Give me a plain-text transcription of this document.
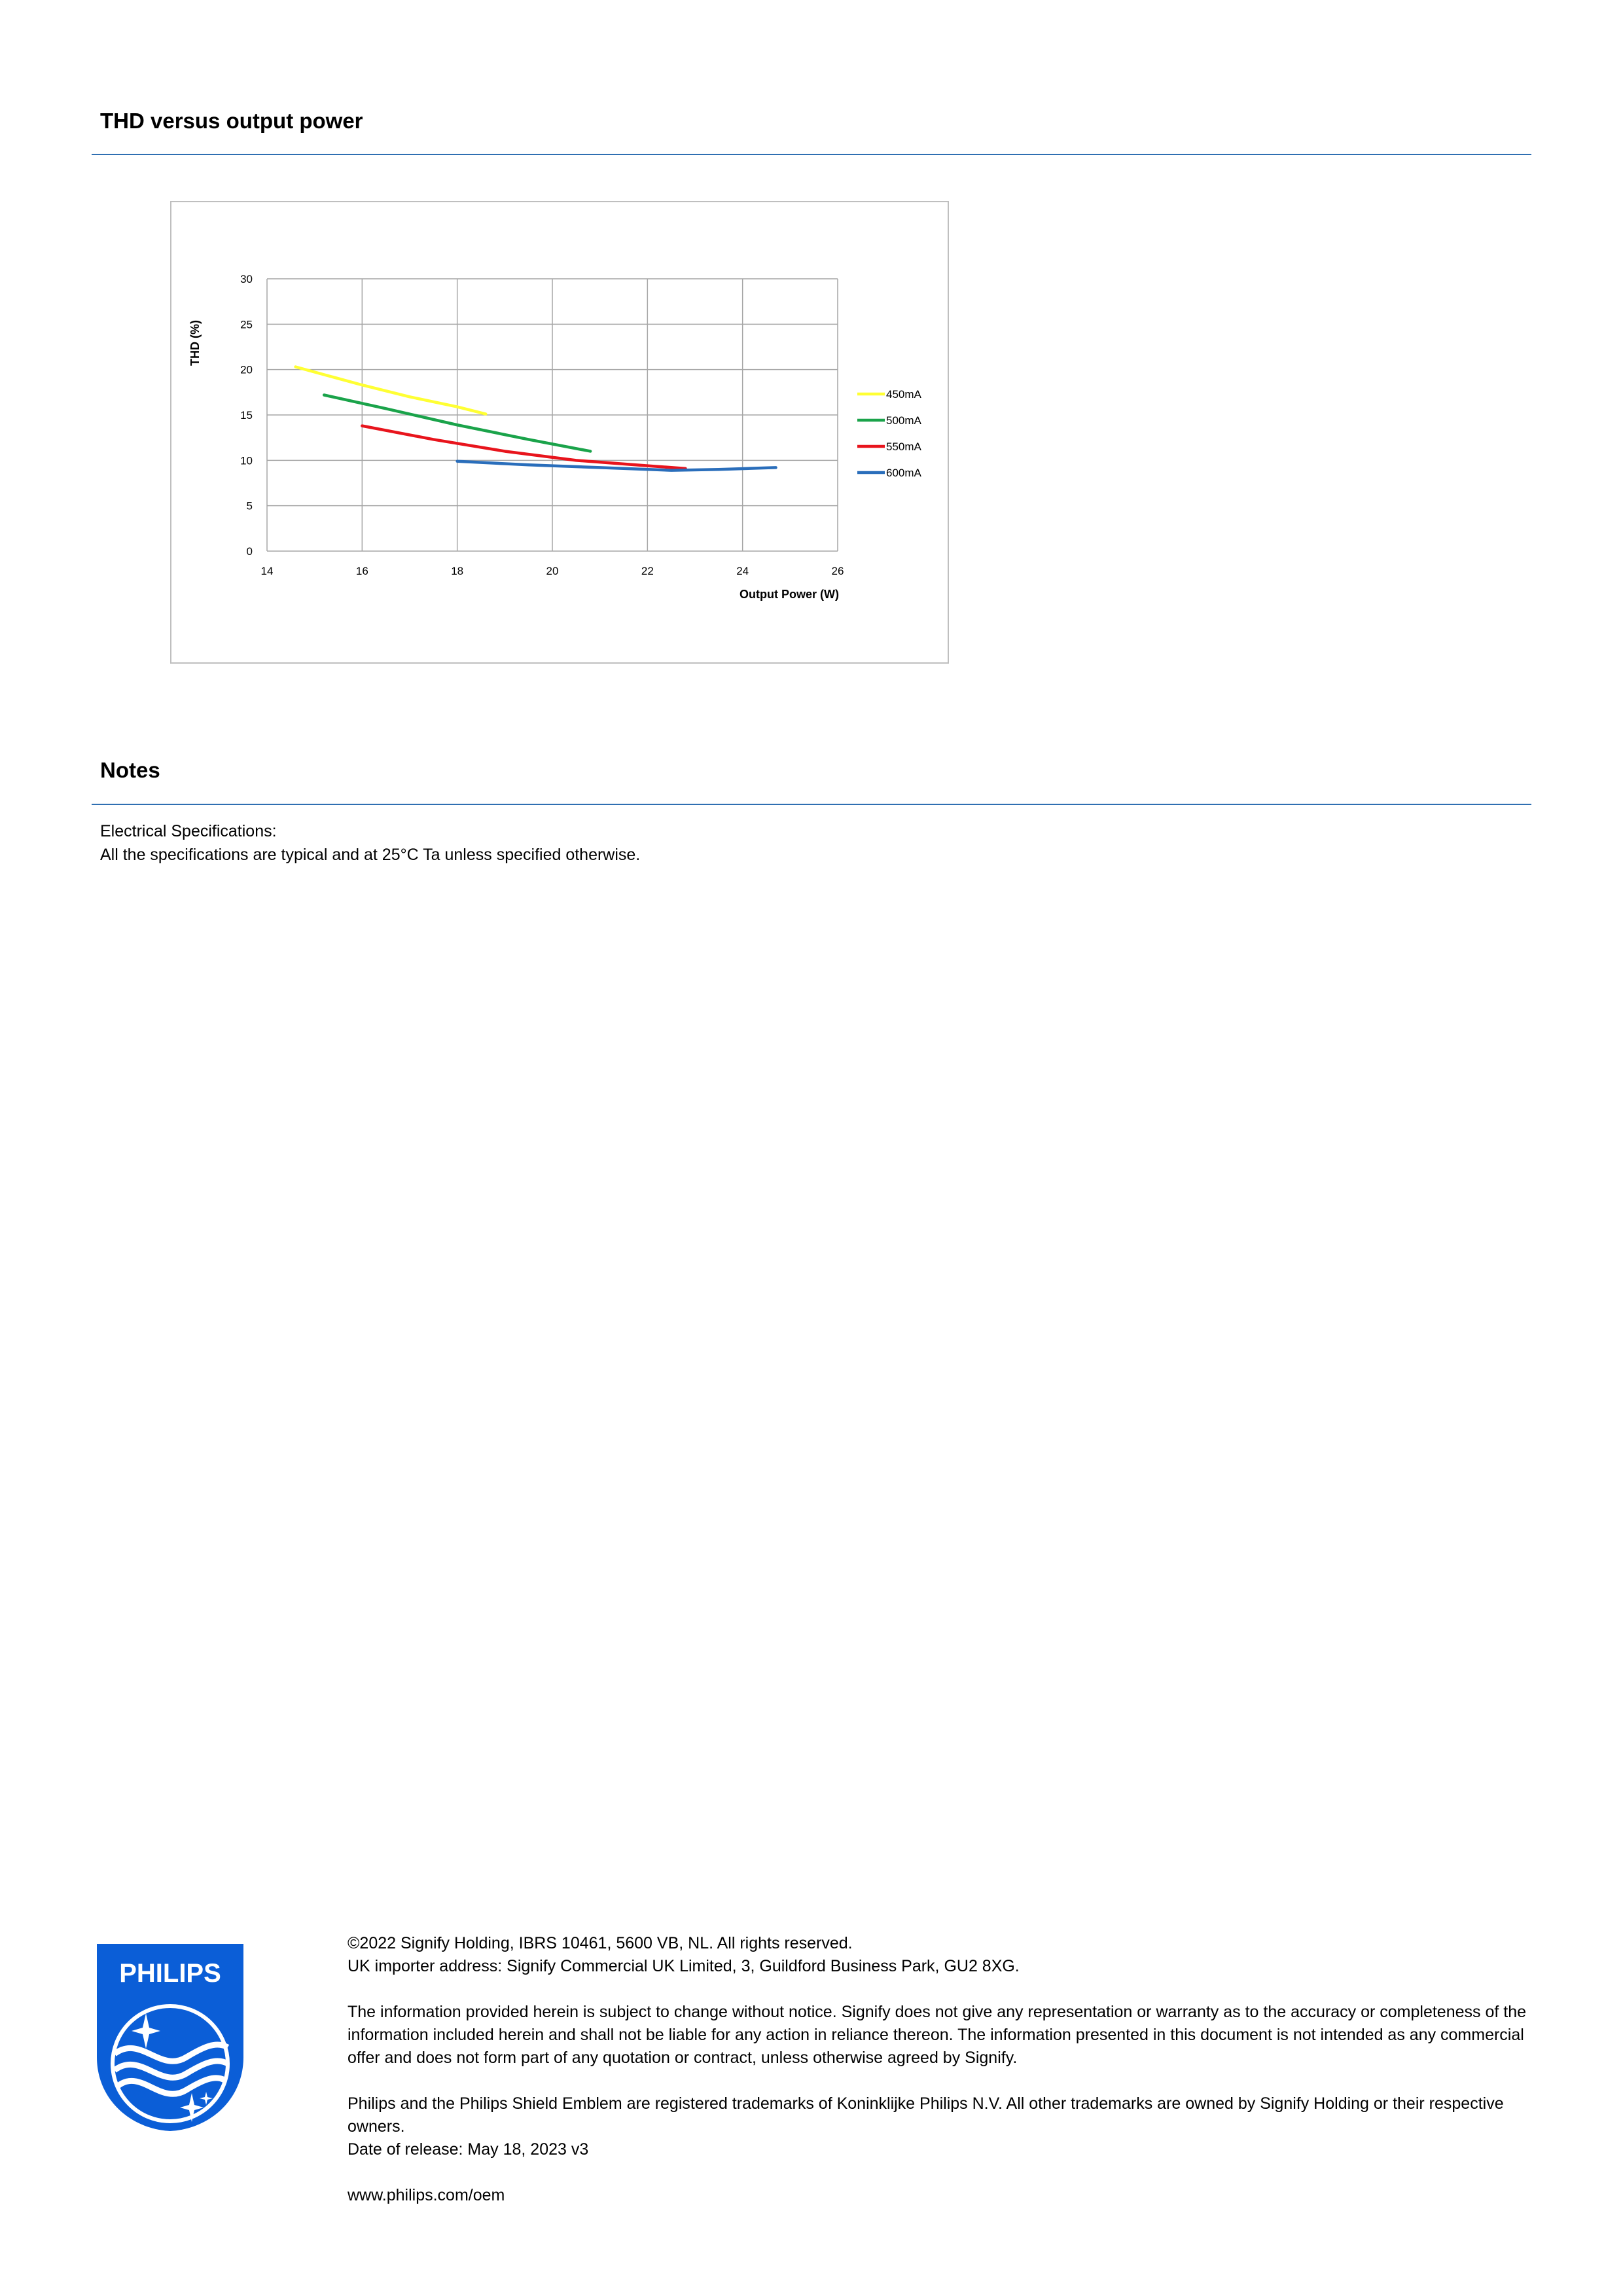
THD versus output power
14	16	18	20	22	24	26
0
5
10
15
20
25
30
Output Power (W)
THD (%)
450mA
500mA
550mA
600mA
Notes

Electrical Specifications:

All the specifications are typical and at 25°C Ta unless specified otherwise.

PHILIPS

©2022 Signify Holding, IBRS 10461, 5600 VB, NL. All rights reserved.

UK importer address: Signify Commercial UK Limited, 3, Guildford Business Park, GU2 8XG.

The information provided herein is subject to change without notice. Signify does not give any representation or warranty as to the accuracy or completeness of the information included herein and shall not be liable for any action in reliance thereon. The information presented in this document is not intended as any commercial offer and does not form part of any quotation or contract, unless otherwise agreed by Signify.

Philips and the Philips Shield Emblem are registered trademarks of Koninklijke Philips N.V. All other trademarks are owned by Signify Holding or their respective owners.

Date of release: May 18, 2023 v3

www.philips.com/oem
